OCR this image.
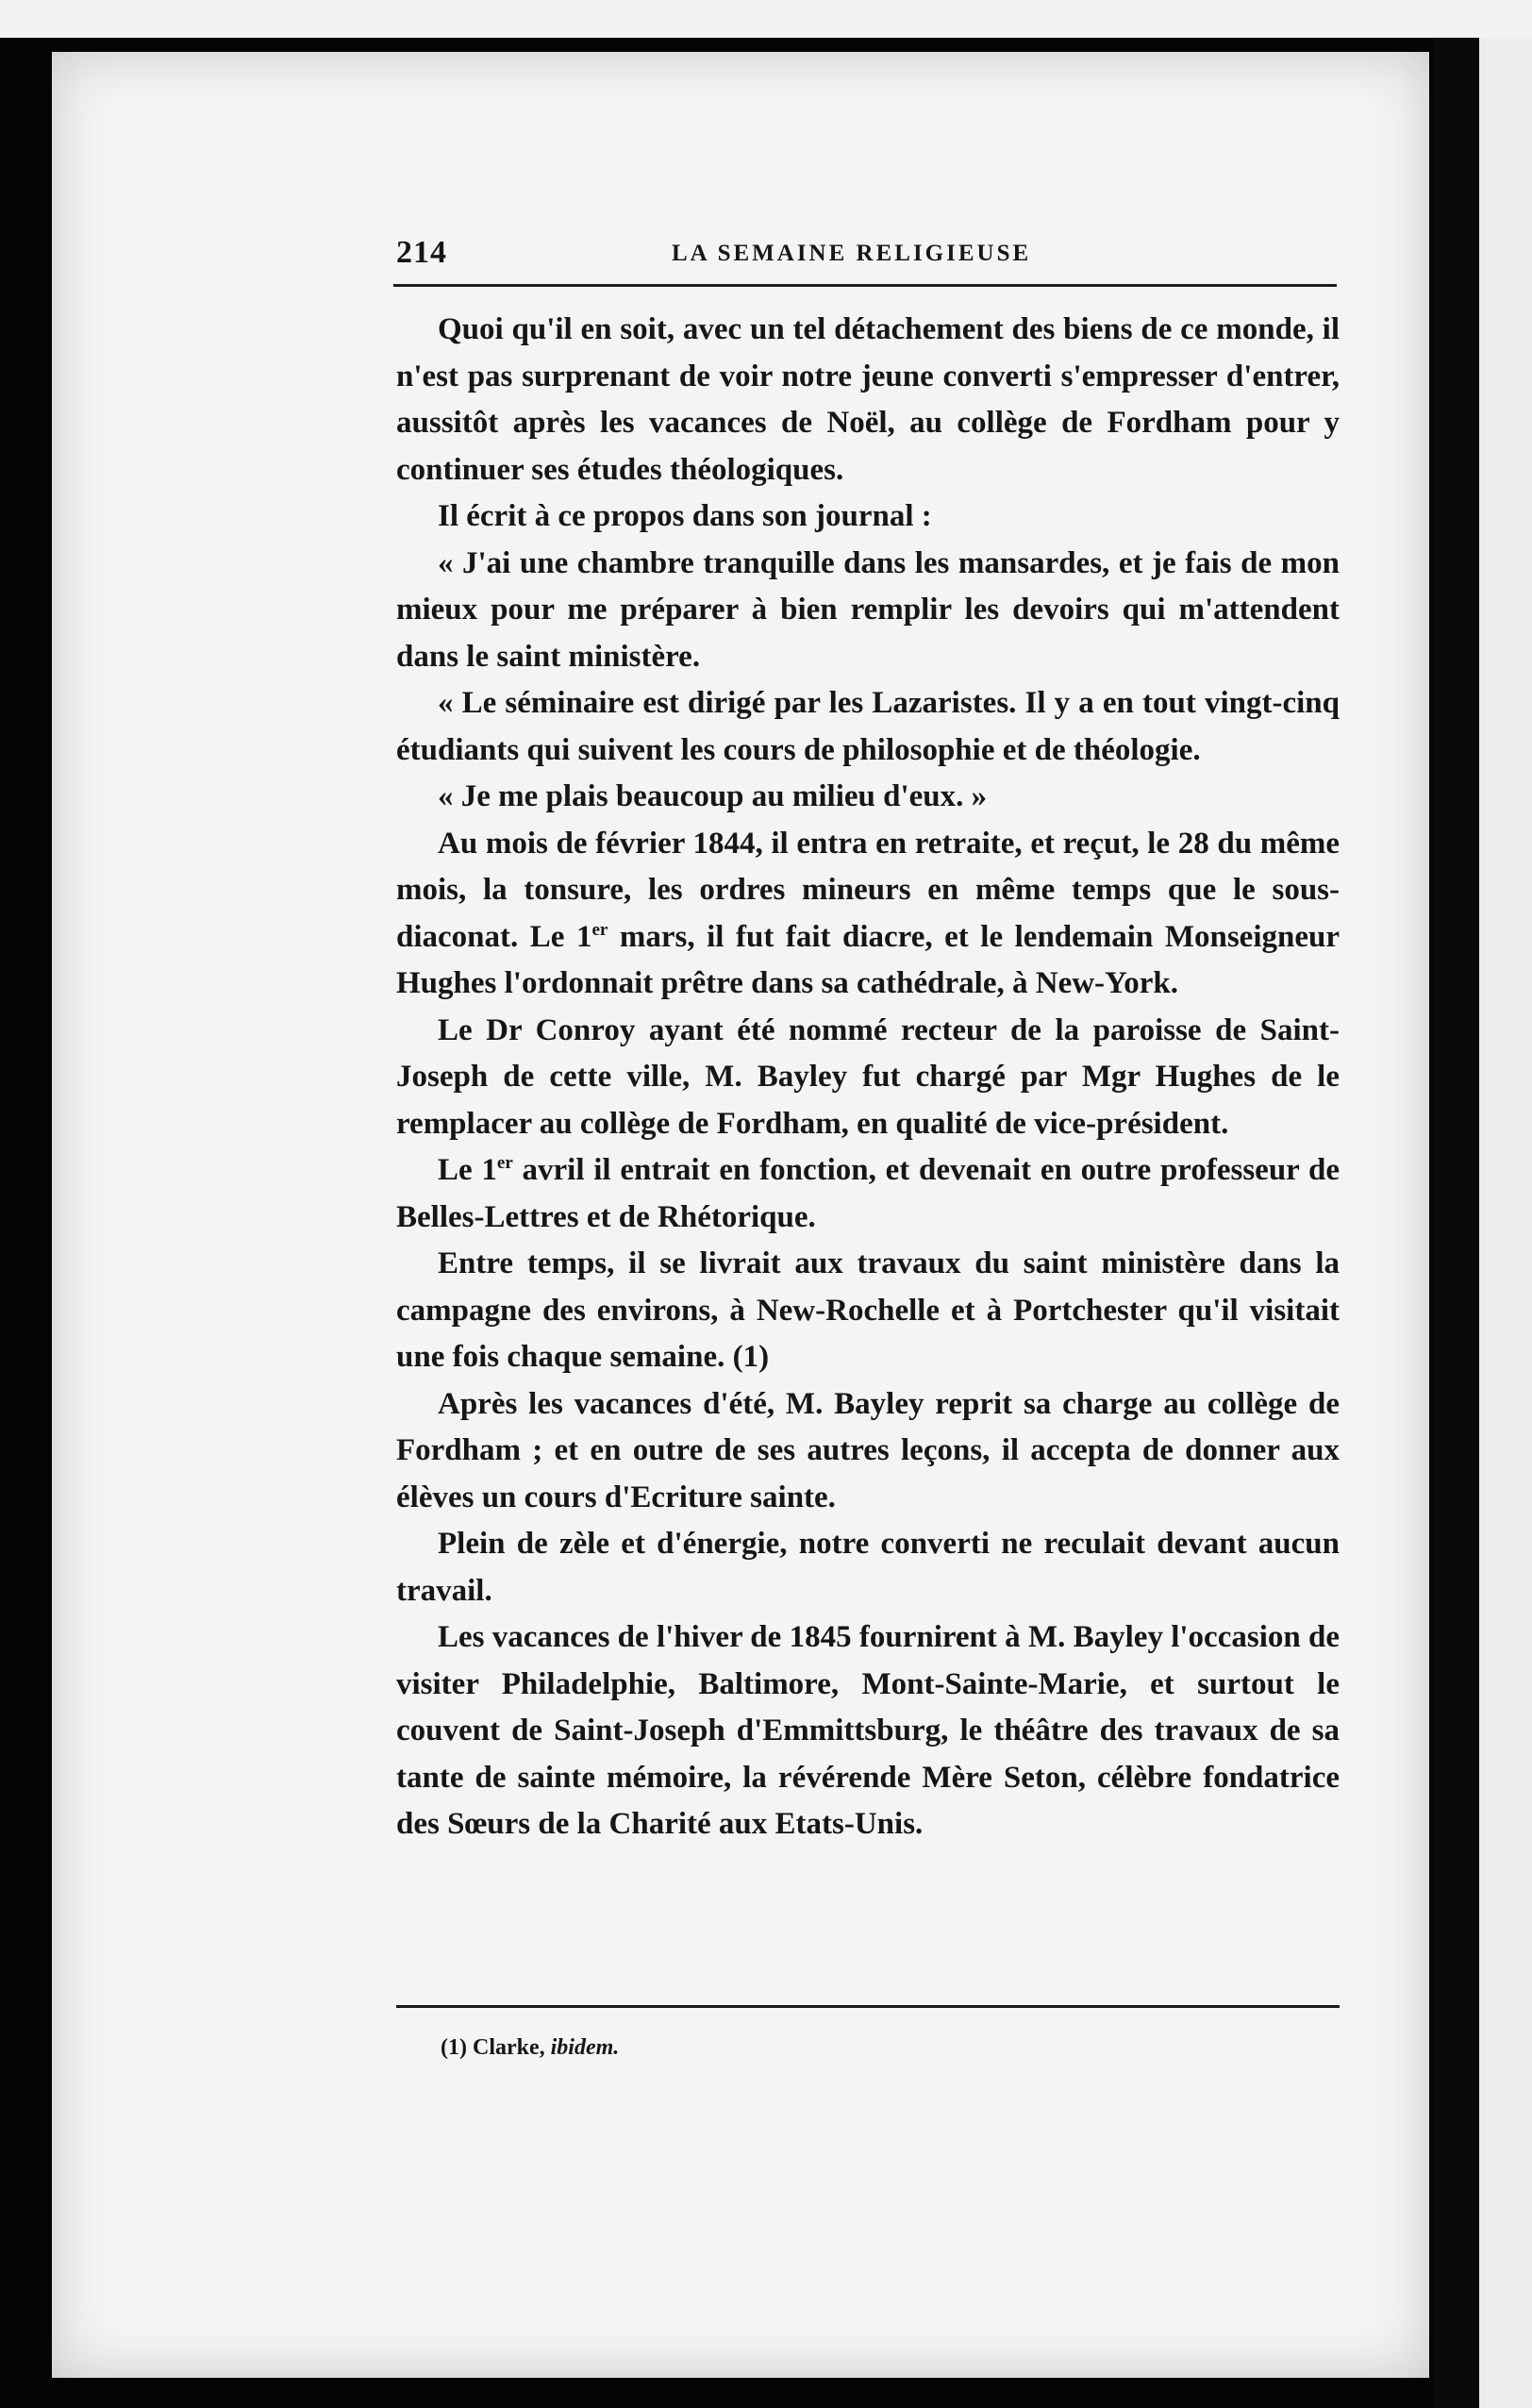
214	LA SEMAINE RELIGIEUSE

Quoi qu'il en soit, avec un tel détachement des biens de ce monde, il n'est pas surprenant de voir notre jeune converti s'empresser d'entrer, aussitôt après les vacances de Noël, au collège de Fordham pour y continuer ses études théologiques.

Il écrit à ce propos dans son journal :

« J'ai une chambre tranquille dans les mansardes, et je fais de mon mieux pour me préparer à bien remplir les devoirs qui m'attendent dans le saint ministère.

« Le séminaire est dirigé par les Lazaristes. Il y a en tout vingt-cinq étudiants qui suivent les cours de philosophie et de théologie.

« Je me plais beaucoup au milieu d'eux. »

Au mois de février 1844, il entra en retraite, et reçut, le 28 du même mois, la tonsure, les ordres mineurs en même temps que le sous-diaconat. Le 1er mars, il fut fait diacre, et le lendemain Monseigneur Hughes l'ordonnait prêtre dans sa cathédrale, à New-York.

Le Dr Conroy ayant été nommé recteur de la paroisse de Saint-Joseph de cette ville, M. Bayley fut chargé par Mgr Hughes de le remplacer au collège de Fordham, en qualité de vice-président.

Le 1er avril il entrait en fonction, et devenait en outre professeur de Belles-Lettres et de Rhétorique.

Entre temps, il se livrait aux travaux du saint ministère dans la campagne des environs, à New-Rochelle et à Portchester qu'il visitait une fois chaque semaine. (1)

Après les vacances d'été, M. Bayley reprit sa charge au collège de Fordham ; et en outre de ses autres leçons, il accepta de donner aux élèves un cours d'Ecriture sainte.

Plein de zèle et d'énergie, notre converti ne reculait devant aucun travail.

Les vacances de l'hiver de 1845 fournirent à M. Bayley l'occasion de visiter Philadelphie, Baltimore, Mont-Sainte-Marie, et surtout le couvent de Saint-Joseph d'Emmittsburg, le théâtre des travaux de sa tante de sainte mémoire, la révérende Mère Seton, célèbre fondatrice des Sœurs de la Charité aux Etats-Unis.

(1) Clarke, ibidem.
